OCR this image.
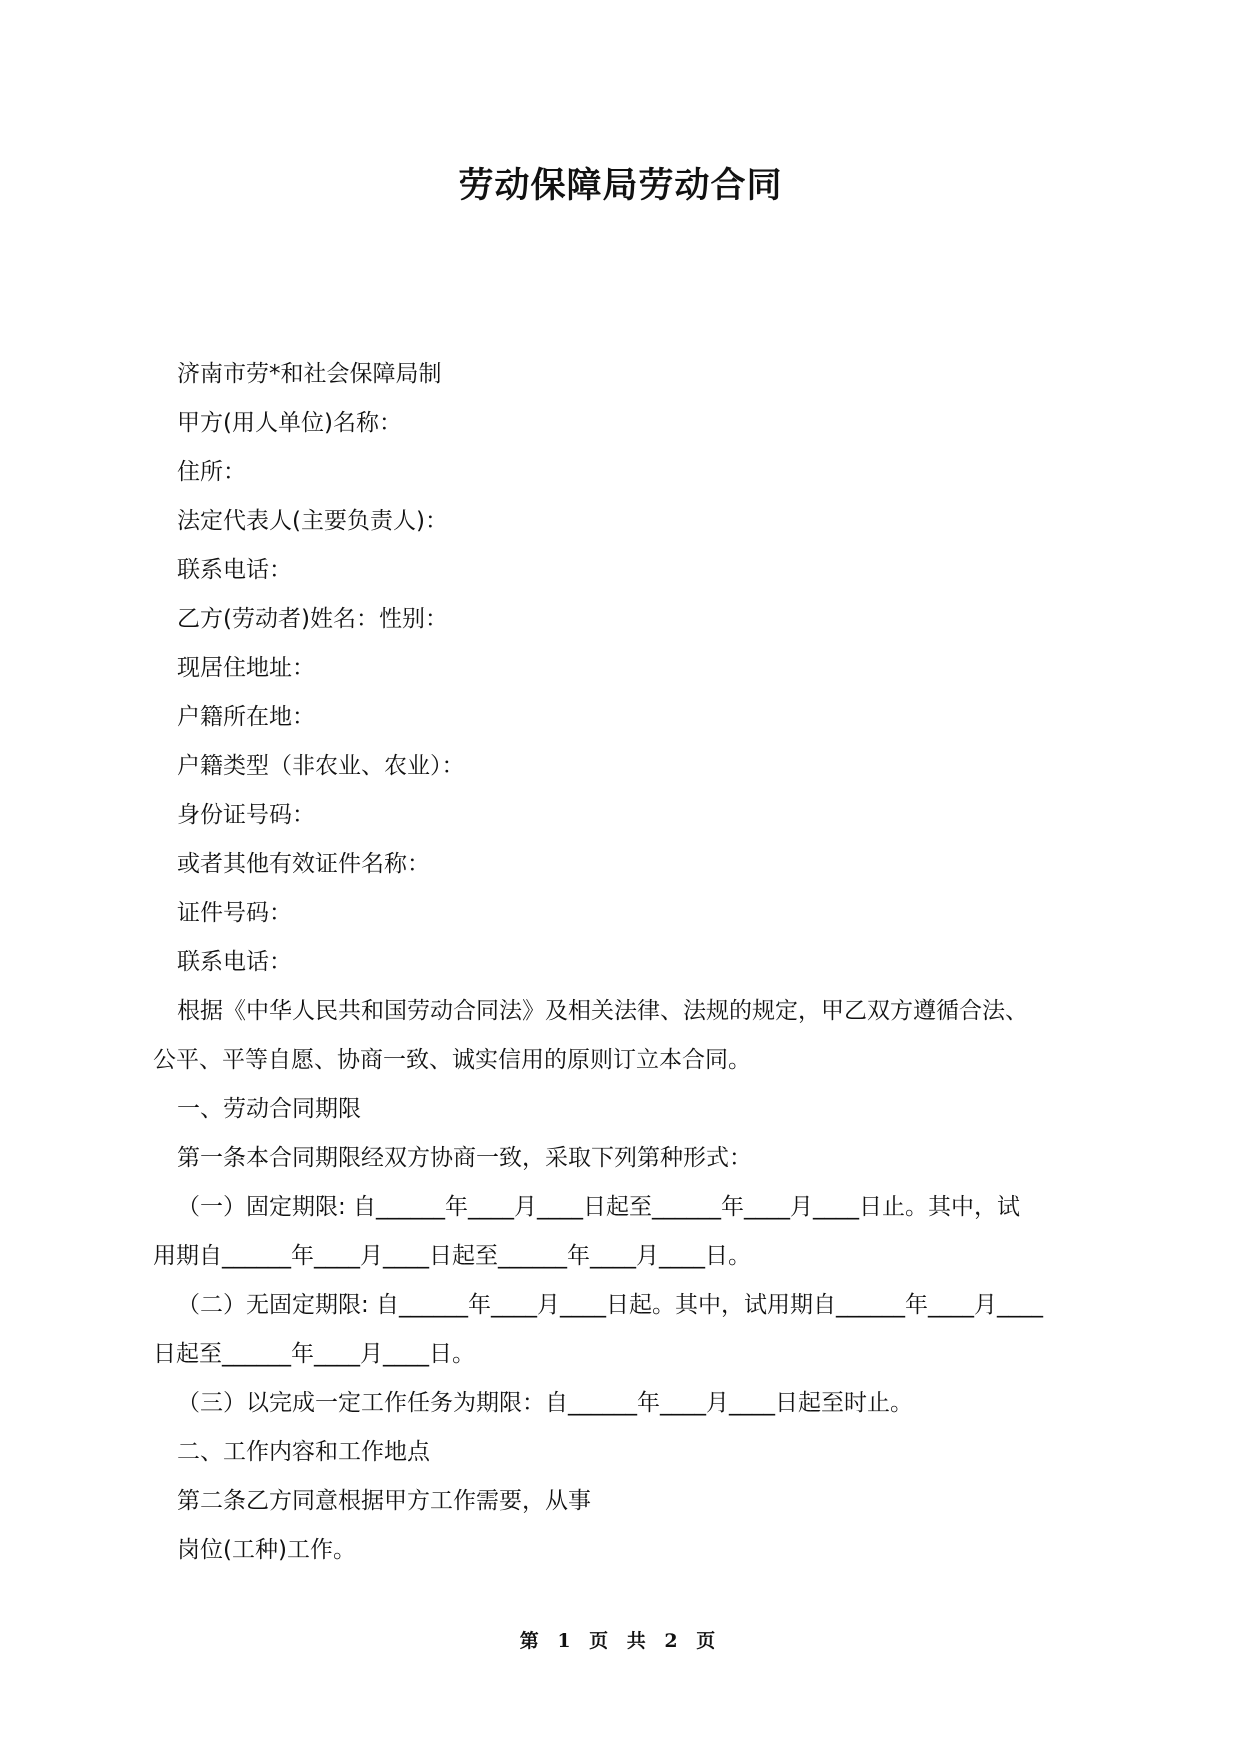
劳动保障局劳动合同

济南市劳*和社会保障局制

甲方(用人单位)名称：

住所：

法定代表人(主要负责人)：

联系电话：

乙方(劳动者)姓名：性别：

现居住地址：

户籍所在地：

户籍类型（非农业、农业）：

身份证号码：

或者其他有效证件名称：

证件号码：

联系电话：

根据《中华人民共和国劳动合同法》及相关法律、法规的规定，甲乙双方遵循合法、

公平、平等自愿、协商一致、诚实信用的原则订立本合同。

一、劳动合同期限

第一条本合同期限经双方协商一致，采取下列第种形式：

（一）固定期限: 自______年____月____日起至______年____月____日止。其中，试

用期自______年____月____日起至______年____月____日。

（二）无固定期限: 自______年____月____日起。其中，试用期自______年____月____

日起至______年____月____日。

（三）以完成一定工作任务为期限：自______年____月____日起至时止。

二、工作内容和工作地点

第二条乙方同意根据甲方工作需要，从事

岗位(工种)工作。

第 1 页 共 2 页
